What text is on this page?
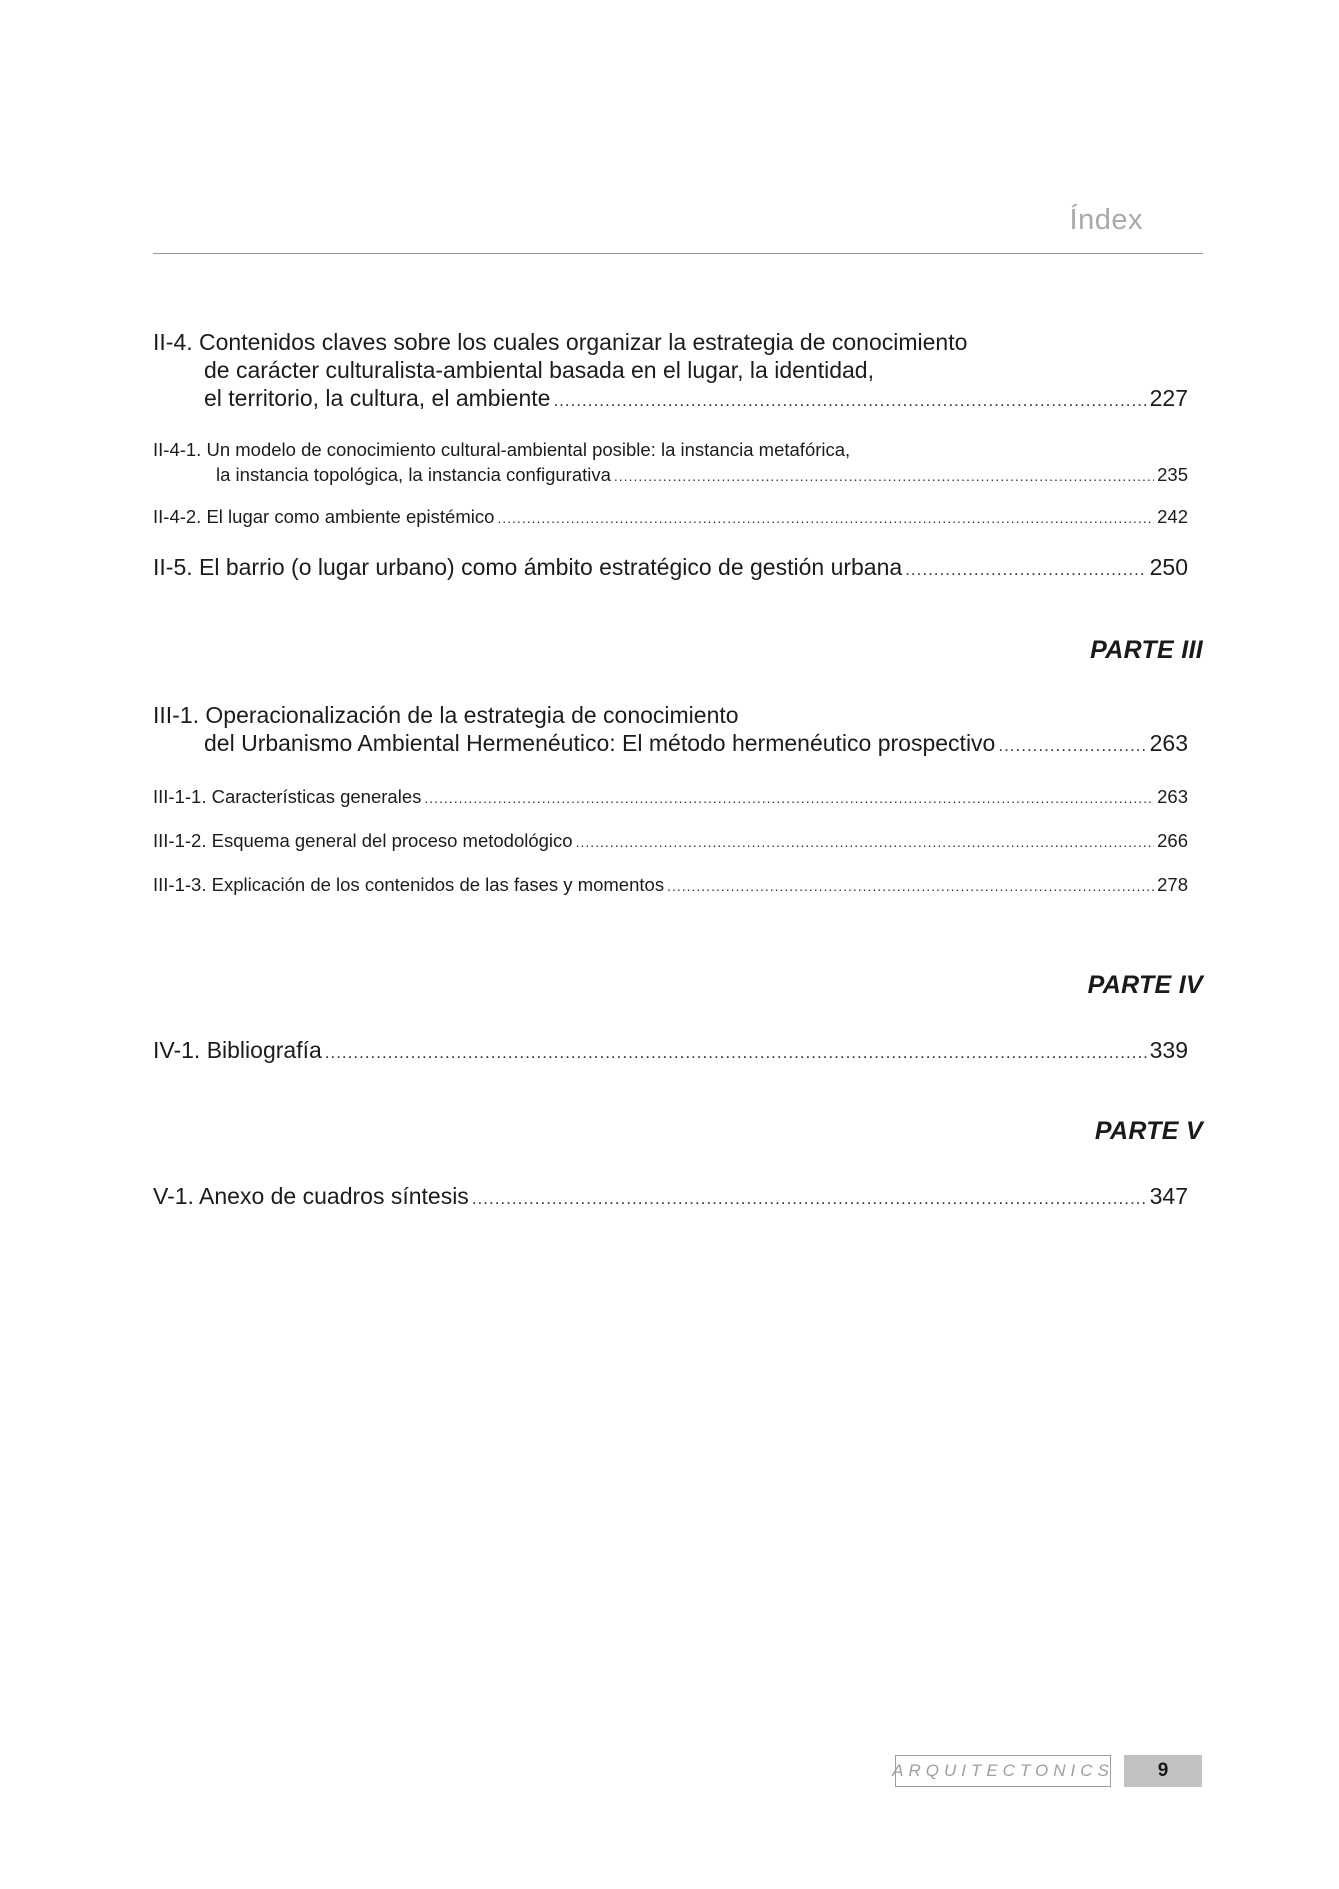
Índex
II-4. Contenidos claves sobre los cuales organizar la estrategia de conocimiento
de carácter culturalista-ambiental basada en el lugar, la identidad,
el territorio, la cultura, el ambiente .....	227
II-4-1. Un modelo de conocimiento cultural-ambiental posible: la instancia metafórica,
la instancia topológica, la instancia configurativa .....	235
II-4-2. El lugar como ambiente epistémico .....	242
II-5. El barrio (o lugar urbano) como ámbito estratégico de gestión urbana .....	250
PARTE III
III-1. Operacionalización de la estrategia de conocimiento
del Urbanismo Ambiental Hermenéutico: El método hermenéutico prospectivo .....	263
III-1-1. Características generales .....	263
III-1-2. Esquema general del proceso metodológico .....	266
III-1-3. Explicación de los contenidos de las fases y momentos .....	278
PARTE IV
IV-1. Bibliografía .....	339
PARTE V
V-1. Anexo de cuadros síntesis .....	347
ARQUITECTONICS	9
